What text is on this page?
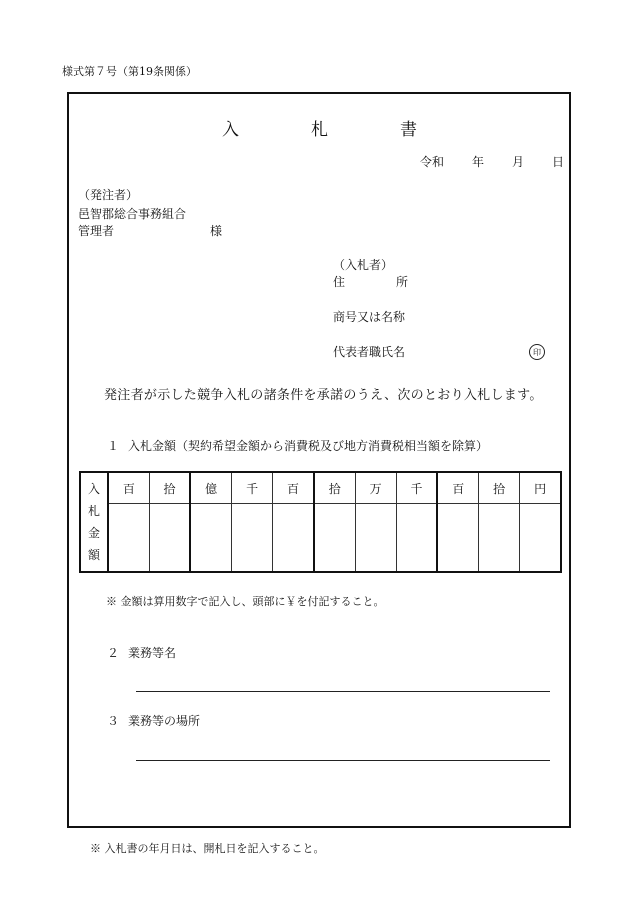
様式第７号（第19条関係）
入	札	書
令和 年 月 日
（発注者）
邑智郡総合事務組合
管理者	様
（入札者）
住	所
商号又は名称
代表者職氏名	印
発注者が示した競争入札の諸条件を承諾のうえ、次のとおり入札します。
１ 入札金額（契約希望金額から消費税及び地方消費税相当額を除算）
入
札
金
額	百	拾	億	千	百	拾	万	千	百	拾	円

※ 金額は算用数字で記入し、頭部に￥を付記すること。
２ 業務等名
３ 業務等の場所
※ 入札書の年月日は、開札日を記入すること。
